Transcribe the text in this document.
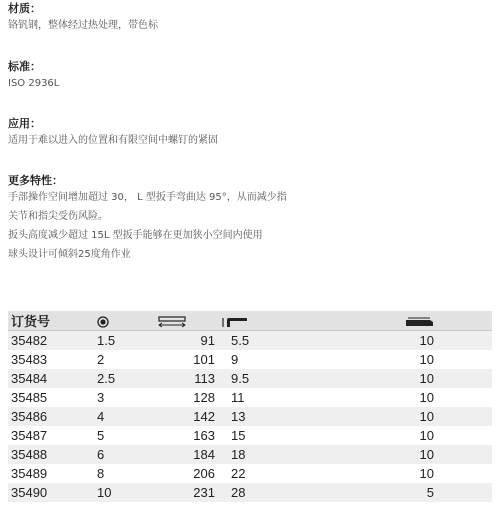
材质：
铬钒钢，整体经过热处理，带色标
标准：
ISO 2936L
应用：
适用于难以进入的位置和有限空间中螺钉的紧固
更多特性：
手部操作空间增加超过 30， L 型扳手弯曲达 95°，从而减少指
关节和指尖受伤风险。
扳头高度减少超过 15L 型扳手能够在更加狭小空间内使用
球头设计可倾斜25度角作业
订货号				
35482	1.5	91	5.5	10
35483	2	101	9	10
35484	2.5	113	9.5	10
35485	3	128	11	10
35486	4	142	13	10
35487	5	163	15	10
35488	6	184	18	10
35489	8	206	22	10
35490	10	231	28	5
